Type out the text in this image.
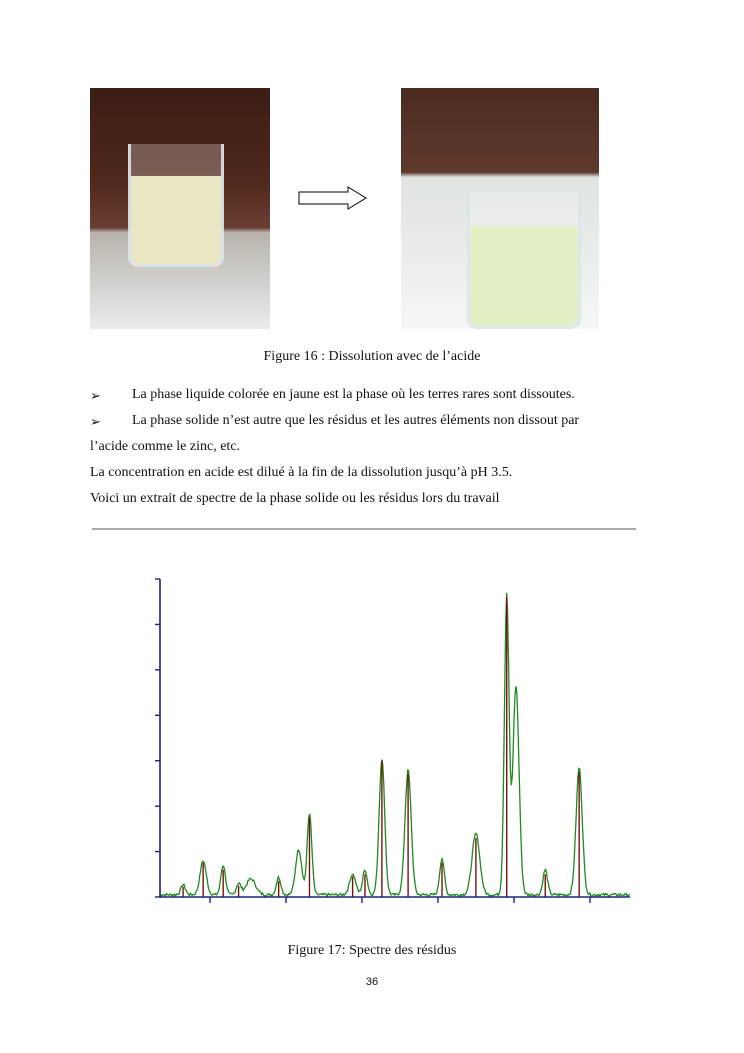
Figure 16 : Dissolution avec de l’acide
➢ La phase liquide colorée en jaune est la phase où les terres rares sont dissoutes.
➢ La phase solide n’est autre que les résidus et les autres éléments non dissout par
l’acide comme le zinc, etc.
La concentration en acide est dilué à la fin de la dissolution jusqu’à pH 3.5.
Voici un extrait de spectre de la phase solide ou les résidus lors du travail
Figure 17: Spectre des résidus
36
